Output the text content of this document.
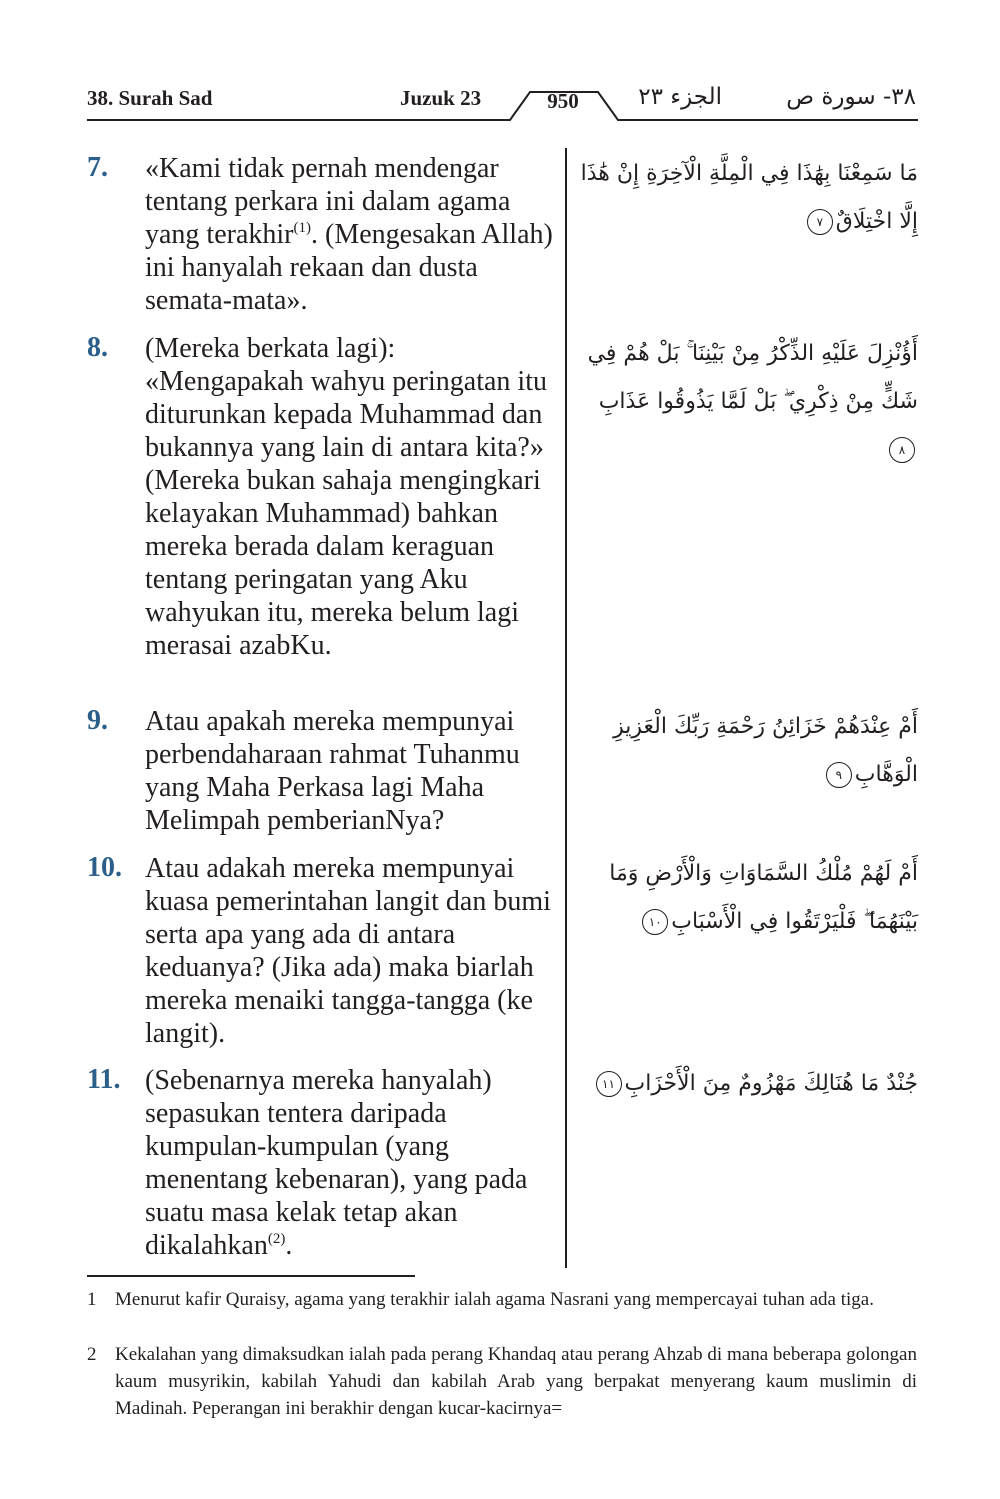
38. Surah Sad	Juzuk 23	950	الجزء ٢٣	٣٨- سورة ص
7. «Kami tidak pernah mendengar tentang perkara ini dalam agama yang terakhir$^{(1)}$. (Mengesakan Allah) ini hanyalah rekaan dan dusta semata-mata».
مَا سَمِعْنَا بِهَٰذَا فِي الْمِلَّةِ الْآخِرَةِ إِنْ هَٰذَا إِلَّا اخْتِلَاقٌ٧
8. (Mereka berkata lagi): «Mengapakah wahyu peringatan itu diturunkan kepada Muhammad dan bukannya yang lain di antara kita?» (Mereka bukan sahaja mengingkari kelayakan Muhammad) bahkan mereka berada dalam keraguan tentang peringatan yang Aku wahyukan itu, mereka belum lagi merasai azabKu.
أَؤُنْزِلَ عَلَيْهِ الذِّكْرُ مِنْ بَيْنِنَا ۚ بَلْ هُمْ فِي شَكٍّ مِنْ ذِكْرِي ۖ بَلْ لَمَّا يَذُوقُوا عَذَابِ٨
9. Atau apakah mereka mempunyai perbendaharaan rahmat Tuhanmu yang Maha Perkasa lagi Maha Melimpah pemberianNya?
أَمْ عِنْدَهُمْ خَزَائِنُ رَحْمَةِ رَبِّكَ الْعَزِيزِ الْوَهَّابِ٩
10. Atau adakah mereka mempunyai kuasa pemerintahan langit dan bumi serta apa yang ada di antara keduanya? (Jika ada) maka biarlah mereka menaiki tangga-tangga (ke langit).
أَمْ لَهُمْ مُلْكُ السَّمَاوَاتِ وَالْأَرْضِ وَمَا بَيْنَهُمَا ۖ فَلْيَرْتَقُوا فِي الْأَسْبَابِ١٠
11. (Sebenarnya mereka hanyalah) sepasukan tentera daripada kumpulan-kumpulan (yang menentang kebenaran), yang pada suatu masa kelak tetap akan dikalahkan$^{(2)}$.
جُنْدٌ مَا هُنَالِكَ مَهْزُومٌ مِنَ الْأَحْزَابِ١١
1 Menurut kafir Quraisy, agama yang terakhir ialah agama Nasrani yang mempercayai tuhan ada tiga.
2 Kekalahan yang dimaksudkan ialah pada perang Khandaq atau perang Ahzab di mana beberapa golongan kaum musyrikin, kabilah Yahudi dan kabilah Arab yang berpakat menyerang kaum muslimin di Madinah. Peperangan ini berakhir dengan kucar-kacirnya=
